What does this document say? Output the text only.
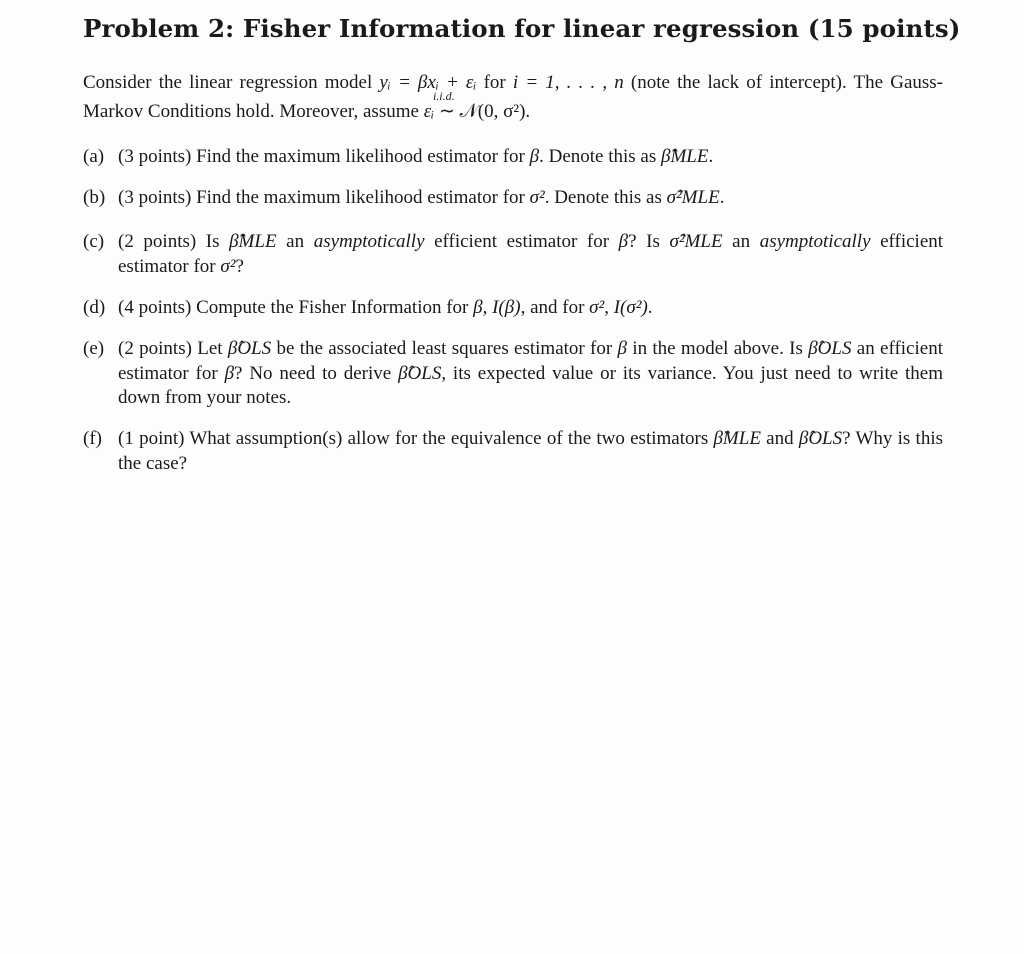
Problem 2: Fisher Information for linear regression (15 points)

Consider the linear regression model yᵢ = βxᵢ + εᵢ for i = 1, . . . , n (note the lack of intercept). The Gauss-Markov Conditions hold. Moreover, assume εᵢ
i.i.d.
∼ 𝒩(0, σ²).

(a) (3 points) Find the maximum likelihood estimator for β. Denote this as β̂MLE.
(b) (3 points) Find the maximum likelihood estimator for σ². Denote this as σ̂²MLE.
(c) (2 points) Is β̂MLE an asymptotically efficient estimator for β? Is σ̂²MLE an asymptotically efficient estimator for σ²?
(d) (4 points) Compute the Fisher Information for β, I(β), and for σ², I(σ²).
(e) (2 points) Let β̂OLS be the associated least squares estimator for β in the model above. Is β̂OLS an efficient estimator for β? No need to derive β̂OLS, its expected value or its variance. You just need to write them down from your notes.
(f) (1 point) What assumption(s) allow for the equivalence of the two estimators β̂MLE and β̂OLS? Why is this the case?
